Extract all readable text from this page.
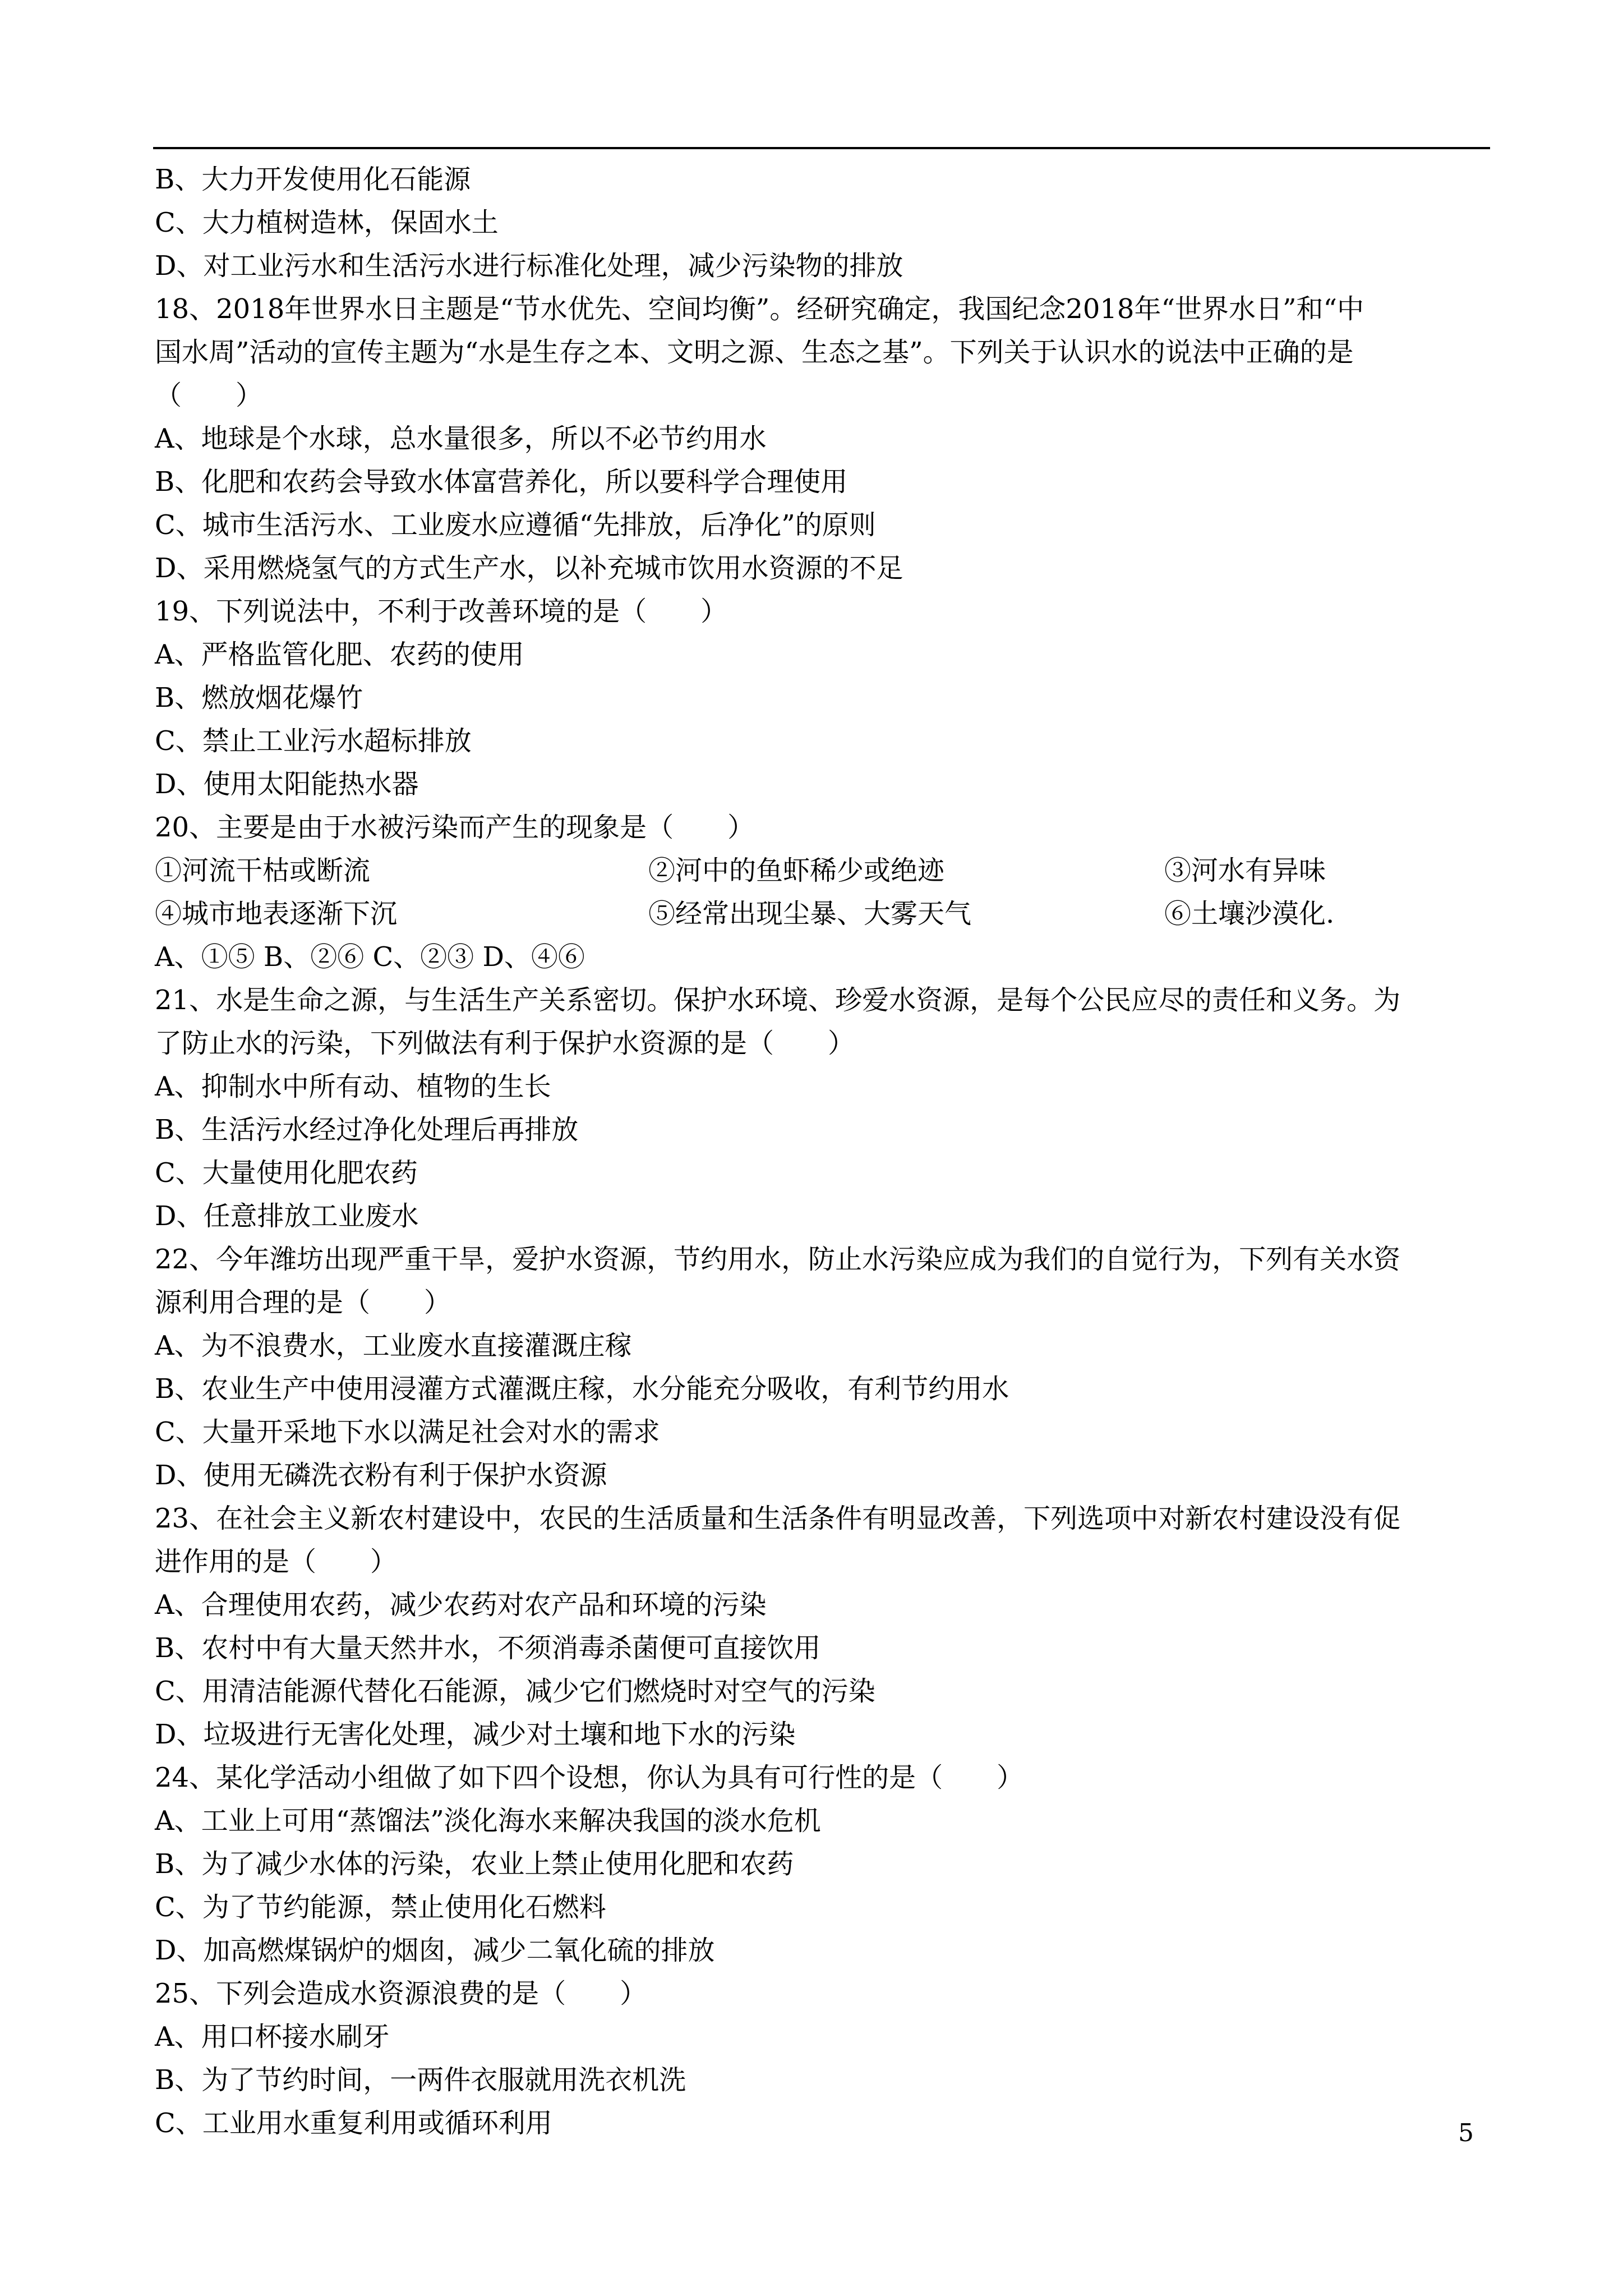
B、大力开发使用化石能源
C、大力植树造林，保固水土
D、对工业污水和生活污水进行标准化处理，减少污染物的排放
18、2018年世界水日主题是“节水优先、空间均衡”。经研究确定，我国纪念2018年“世界水日”和“中
国水周”活动的宣传主题为“水是生存之本、文明之源、生态之基”。下列关于认识水的说法中正确的是
（　　）
A、地球是个水球，总水量很多，所以不必节约用水
B、化肥和农药会导致水体富营养化，所以要科学合理使用
C、城市生活污水、工业废水应遵循“先排放，后净化”的原则
D、采用燃烧氢气的方式生产水，以补充城市饮用水资源的不足
19、下列说法中，不利于改善环境的是（　　）
A、严格监管化肥、农药的使用
B、燃放烟花爆竹
C、禁止工业污水超标排放
D、使用太阳能热水器
20、主要是由于水被污染而产生的现象是（　　）
①河流干枯或断流	②河中的鱼虾稀少或绝迹	③河水有异味
④城市地表逐渐下沉	⑤经常出现尘暴、大雾天气	⑥土壤沙漠化.
A、①⑤ B、②⑥ C、②③ D、④⑥
21、水是生命之源，与生活生产关系密切。保护水环境、珍爱水资源，是每个公民应尽的责任和义务。为
了防止水的污染，下列做法有利于保护水资源的是（　　）
A、抑制水中所有动、植物的生长
B、生活污水经过净化处理后再排放
C、大量使用化肥农药
D、任意排放工业废水
22、今年潍坊出现严重干旱，爱护水资源，节约用水，防止水污染应成为我们的自觉行为，下列有关水资
源利用合理的是（　　）
A、为不浪费水，工业废水直接灌溉庄稼
B、农业生产中使用浸灌方式灌溉庄稼，水分能充分吸收，有利节约用水
C、大量开采地下水以满足社会对水的需求
D、使用无磷洗衣粉有利于保护水资源
23、在社会主义新农村建设中，农民的生活质量和生活条件有明显改善，下列选项中对新农村建设没有促
进作用的是（　　）
A、合理使用农药，减少农药对农产品和环境的污染
B、农村中有大量天然井水，不须消毒杀菌便可直接饮用
C、用清洁能源代替化石能源，减少它们燃烧时对空气的污染
D、垃圾进行无害化处理，减少对土壤和地下水的污染
24、某化学活动小组做了如下四个设想，你认为具有可行性的是（　　）
A、工业上可用“蒸馏法”淡化海水来解决我国的淡水危机
B、为了减少水体的污染，农业上禁止使用化肥和农药
C、为了节约能源，禁止使用化石燃料
D、加高燃煤锅炉的烟囱，减少二氧化硫的排放
25、下列会造成水资源浪费的是（　　）
A、用口杯接水刷牙
B、为了节约时间，一两件衣服就用洗衣机洗
C、工业用水重复利用或循环利用	5
